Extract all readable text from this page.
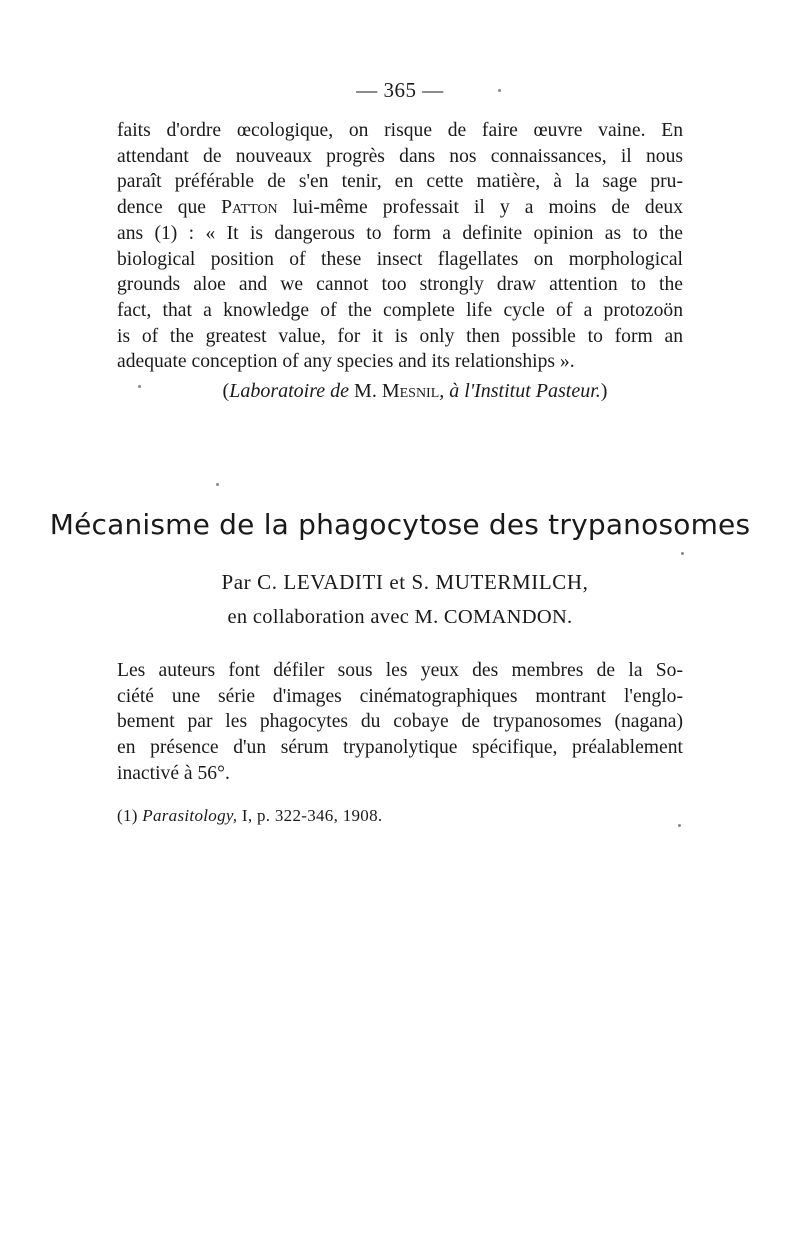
— 365 —
faits d'ordre œcologique, on risque de faire œuvre vaine. En
attendant de nouveaux progrès dans nos connaissances, il nous
paraît préférable de s'en tenir, en cette matière, à la sage pru-
dence que Patton lui-même professait il y a moins de deux
ans (1) : « It is dangerous to form a definite opinion as to the
biological position of these insect flagellates on morphological
grounds aloe and we cannot too strongly draw attention to the
fact, that a knowledge of the complete life cycle of a protozoön
is of the greatest value, for it is only then possible to form an
adequate conception of any species and its relationships ».
(Laboratoire de M. Mesnil, à l'Institut Pasteur.)
Mécanisme de la phagocytose des trypanosomes
Par C. LEVADITI et S. MUTERMILCH,
en collaboration avec M. COMANDON.
Les auteurs font défiler sous les yeux des membres de la So-
ciété une série d'images cinématographiques montrant l'englo-
bement par les phagocytes du cobaye de trypanosomes (nagana)
en présence d'un sérum trypanolytique spécifique, préalablement
inactivé à 56°.
(1) Parasitology, I, p. 322-346, 1908.
